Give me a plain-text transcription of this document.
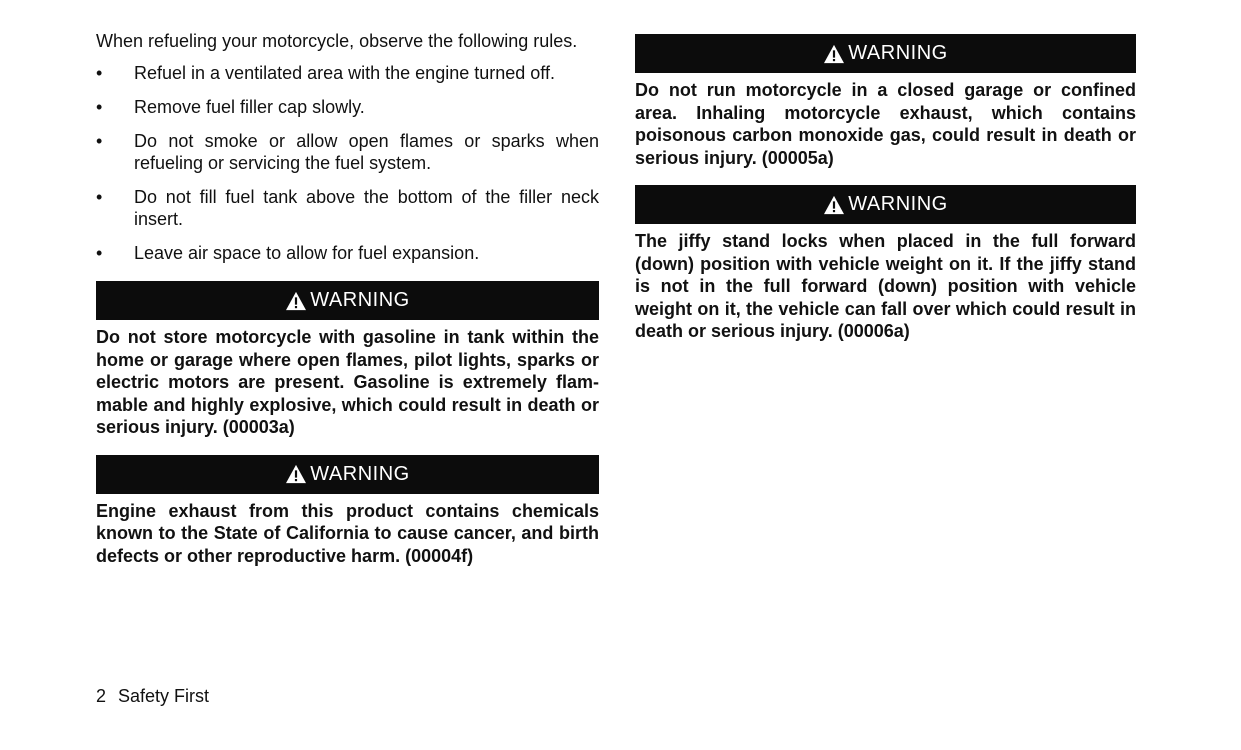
When refueling your motorcycle, observe the following rules.

• Refuel in a ventilated area with the engine turned off.
• Remove fuel filler cap slowly.
• Do not smoke or allow open flames or sparks when refueling or servicing the fuel system.
• Do not fill fuel tank above the bottom of the filler neck insert.
• Leave air space to allow for fuel expansion.
WARNING

Do not store motorcycle with gasoline in tank within the home or garage where open flames, pilot lights, sparks or electric motors are present. Gasoline is extremely flam-mable and highly explosive, which could result in death or serious injury. (00003a)

WARNING

Engine exhaust from this product contains chemicals known to the State of California to cause cancer, and birth defects or other reproductive harm. (00004f)

WARNING

Do not run motorcycle in a closed garage or confined area. Inhaling motorcycle exhaust, which contains poisonous carbon monoxide gas, could result in death or serious injury. (00005a)

WARNING

The jiffy stand locks when placed in the full forward (down) position with vehicle weight on it. If the jiffy stand is not in the full forward (down) position with vehicle weight on it, the vehicle can fall over which could result in death or serious injury. (00006a)

2 Safety First
